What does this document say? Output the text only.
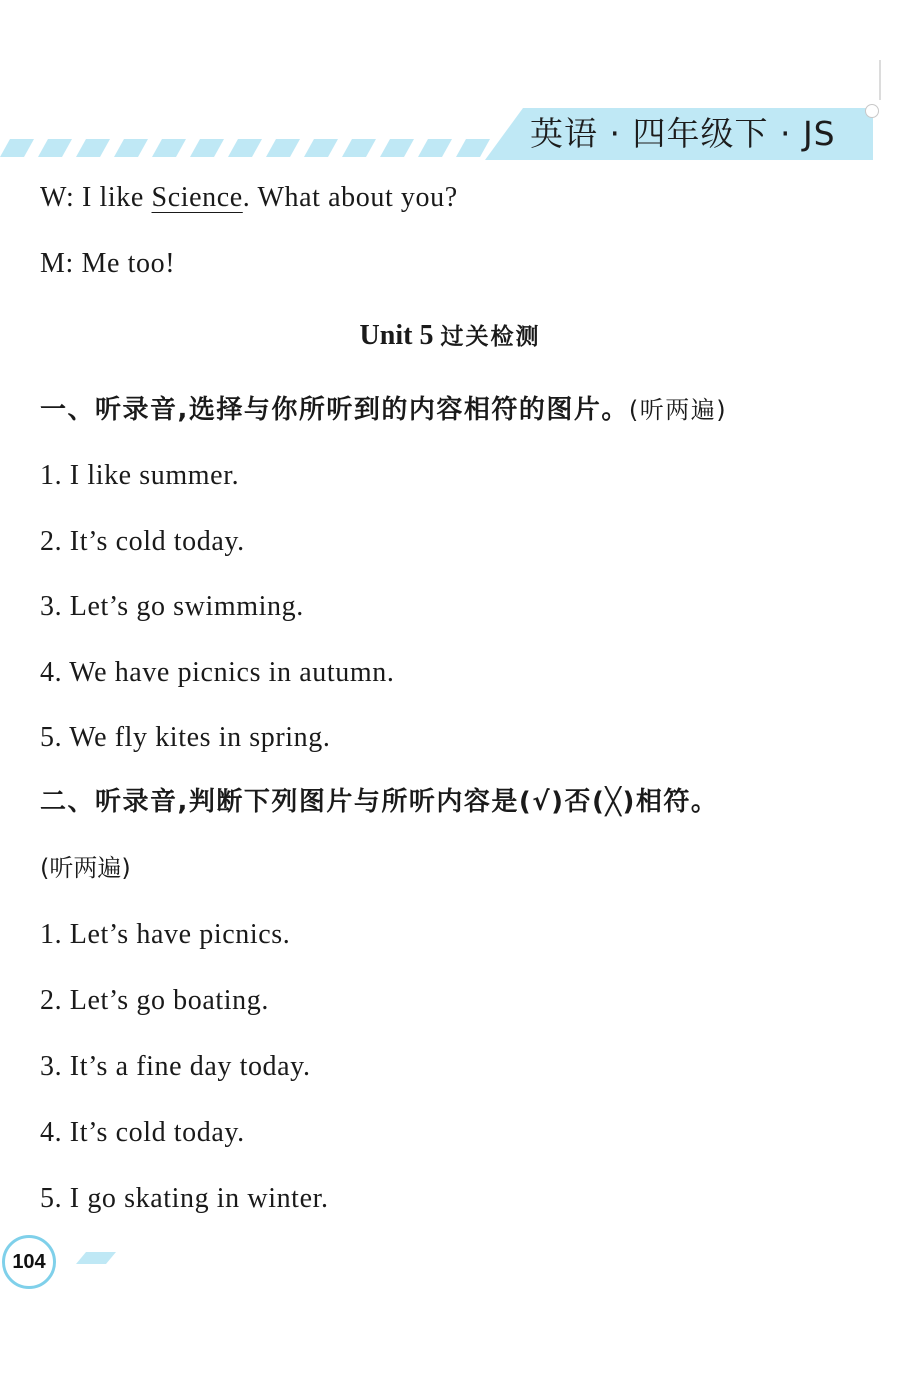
英语 · 四年级下 · JS
W: I like Science. What about you?
M: Me too!
Unit 5 过关检测
一、听录音,选择与你所听到的内容相符的图片。(听两遍)
1. I like summer.
2. It’s cold today.
3. Let’s go swimming.
4. We have picnics in autumn.
5. We fly kites in spring.
二、听录音,判断下列图片与所听内容是(√)否(╳)相符。
(听两遍)
1. Let’s have picnics.
2. Let’s go boating.
3. It’s a fine day today.
4. It’s cold today.
5. I go skating in winter.
104
